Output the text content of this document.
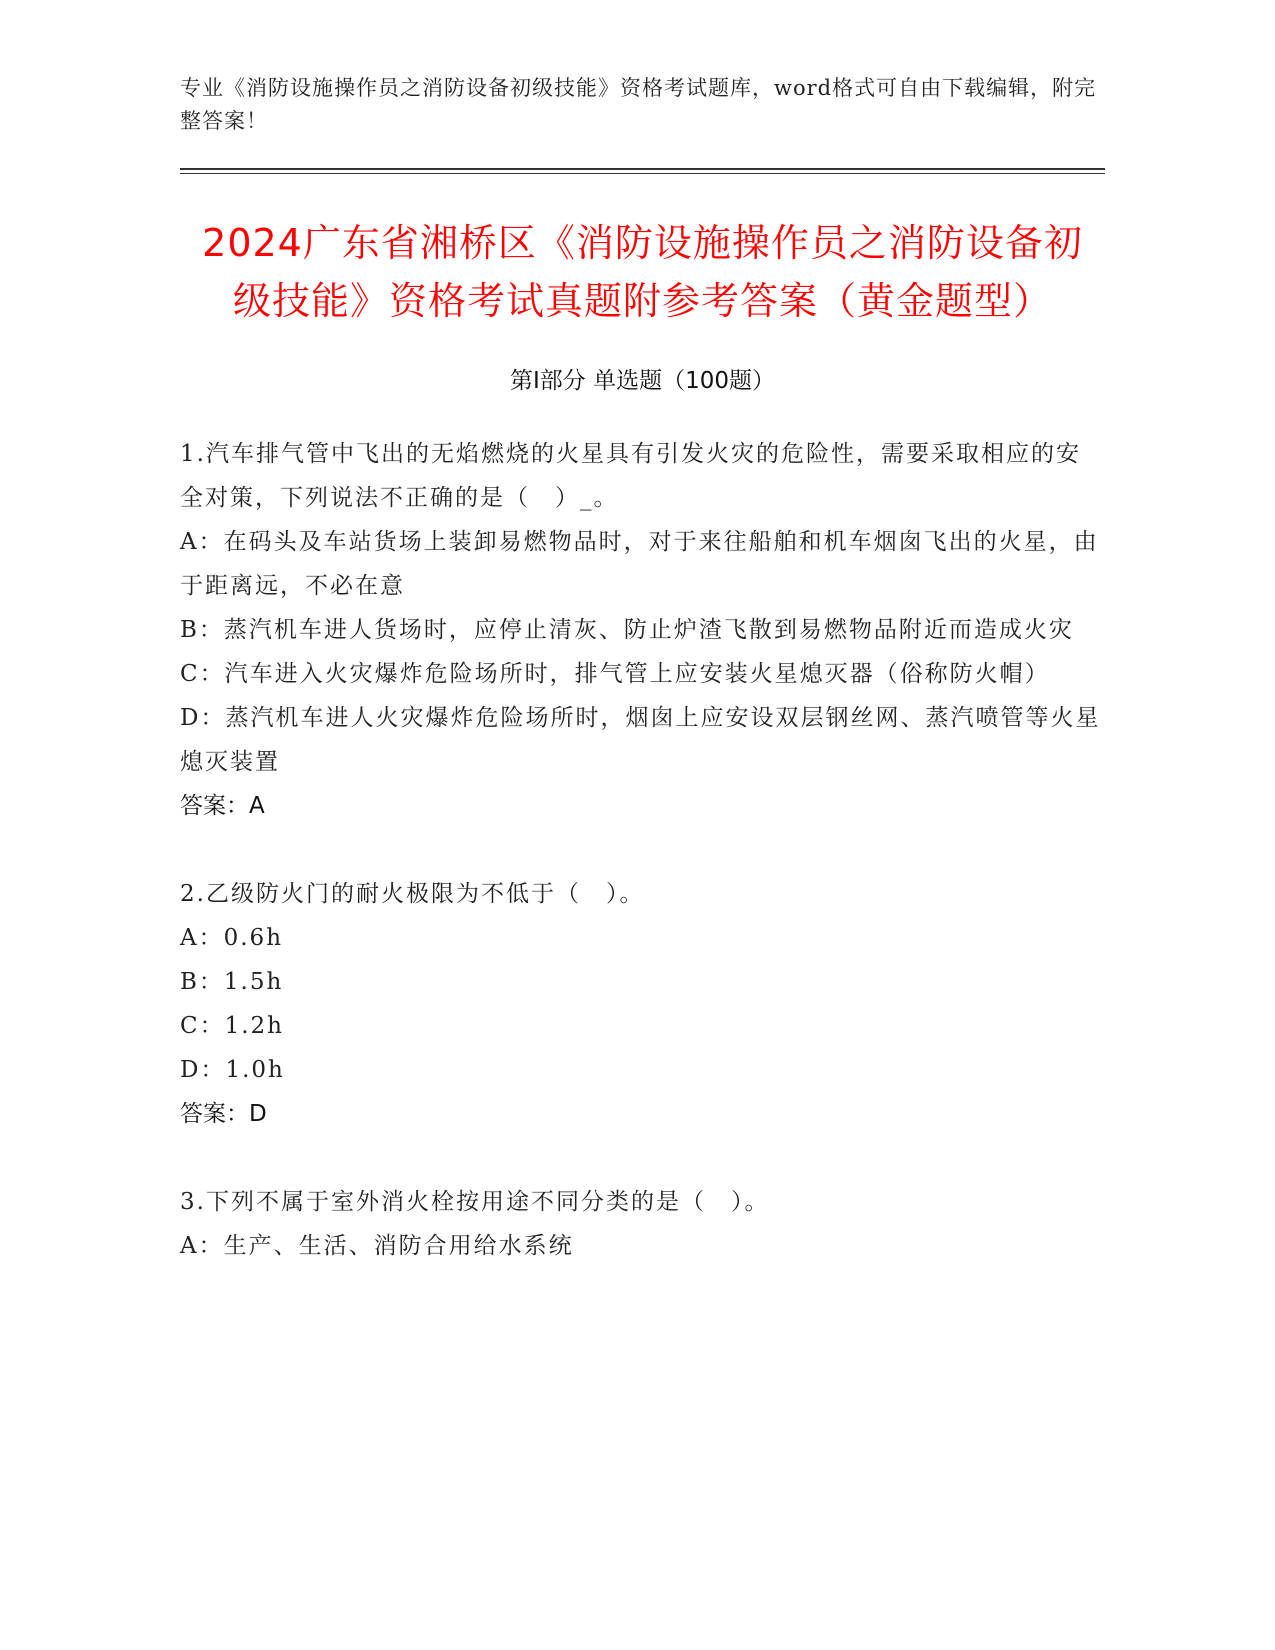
专业《消防设施操作员之消防设备初级技能》资格考试题库，word格式可自由下载编辑，附完整答案！
2024广东省湘桥区《消防设施操作员之消防设备初级技能》资格考试真题附参考答案（黄金题型）
第Ⅰ部分 单选题（100题）

1.汽车排气管中飞出的无焰燃烧的火星具有引发火灾的危险性，需要采取相应的安全对策，下列说法不正确的是（　）_。

A：在码头及车站货场上装卸易燃物品时，对于来往船舶和机车烟囱飞出的火星，由于距离远，不必在意

B：蒸汽机车进人货场时，应停止清灰、防止炉渣飞散到易燃物品附近而造成火灾

C：汽车进入火灾爆炸危险场所时，排气管上应安装火星熄灭器（俗称防火帽）

D：蒸汽机车进人火灾爆炸危险场所时，烟囱上应安设双层钢丝网、蒸汽喷管等火星熄灭装置

答案：A

2.乙级防火门的耐火极限为不低于（　）。

A：0.6h

B：1.5h

C：1.2h

D：1.0h

答案：D

3.下列不属于室外消火栓按用途不同分类的是（　）。

A：生产、生活、消防合用给水系统
